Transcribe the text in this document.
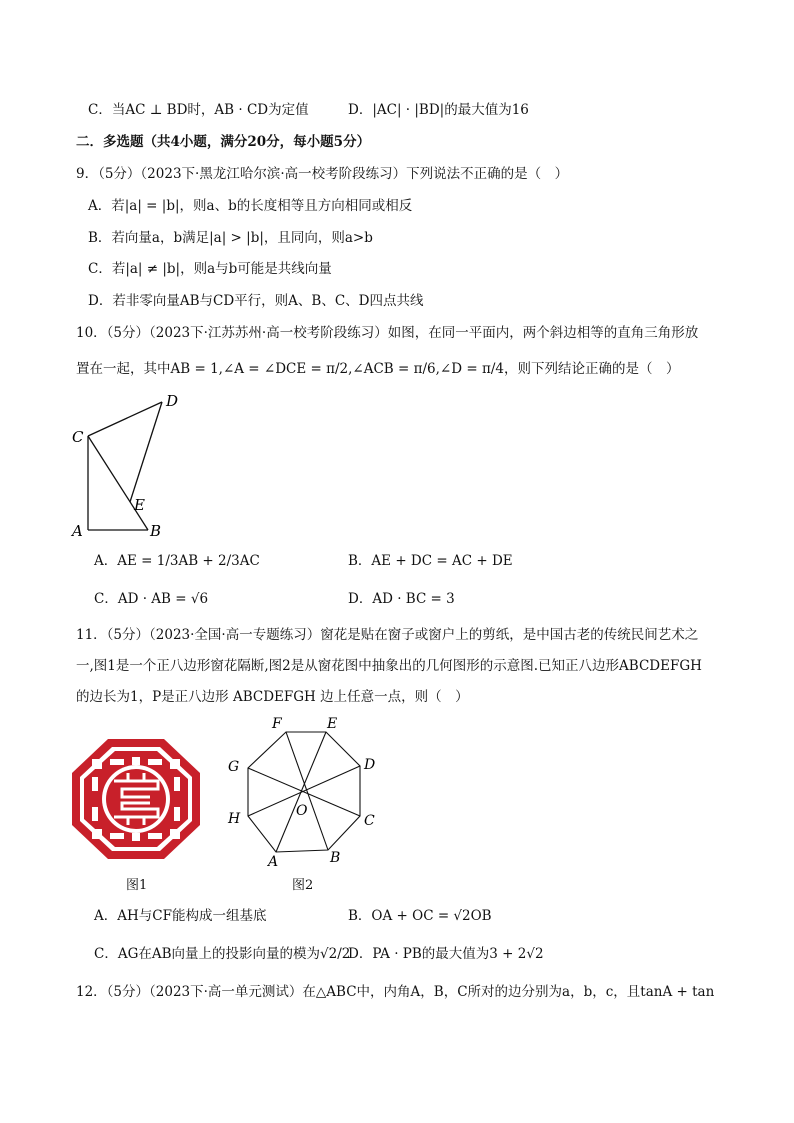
C．当AC ⊥ BD时，AB · CD为定值	D．|AC| · |BD|的最大值为16
二．多选题（共4小题，满分20分，每小题5分）
9．（5分）（2023下·黑龙江哈尔滨·高一校考阶段练习）下列说法不正确的是（　）
A．若|a| = |b|，则a、b的长度相等且方向相同或相反
B．若向量a，b满足|a| > |b|，且同向，则a>b
C．若|a| ≠ |b|，则a与b可能是共线向量
D．若非零向量AB与CD平行，则A、B、C、D四点共线
10．（5分）（2023下·江苏苏州·高一校考阶段练习）如图，在同一平面内，两个斜边相等的直角三角形放
置在一起，其中AB = 1,∠A = ∠DCE = π/2,∠ACB = π/6,∠D = π/4，则下列结论正确的是（　）
D
C
E
A	B
A．AE = 1/3AB + 2/3AC	B．AE + DC = AC + DE
C．AD · AB = √6	D．AD · BC = 3
11．（5分）（2023·全国·高一专题练习）窗花是贴在窗子或窗户上的剪纸，是中国古老的传统民间艺术之
一,图1是一个正八边形窗花隔断,图2是从窗花图中抽象出的几何图形的示意图.已知正八边形ABCDEFGH
的边长为1，P是正八边形 ABCDEFGH 边上任意一点，则（　）
图1
F	E
D
C
B
A
H
G
O
图2
A．AH与CF能构成一组基底	B．OA + OC = √2OB
C．AG在AB向量上的投影向量的模为√2/2
D．PA · PB的最大值为3 + 2√2
12．（5分）（2023下·高一单元测试）在△ABC中，内角A，B，C所对的边分别为a，b，c，且tanA + tan
